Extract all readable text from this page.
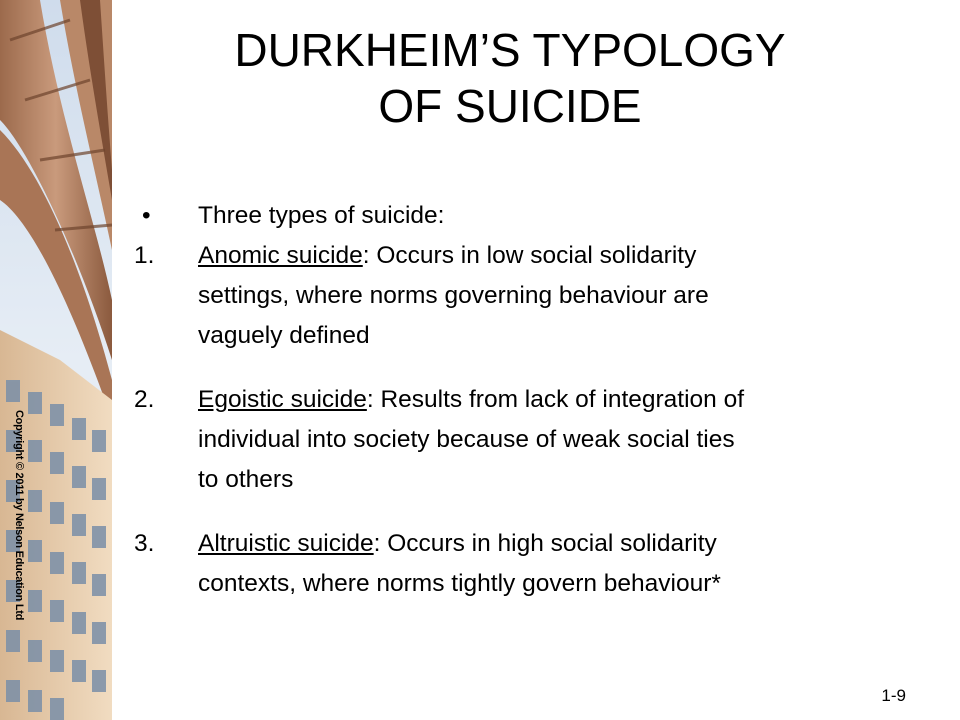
Copyright © 2011 by Nelson Education Ltd
DURKHEIM’S TYPOLOGY
OF SUICIDE
• Three types of suicide:
1. Anomic suicide: Occurs in low social solidarity
settings, where norms governing behaviour are
vaguely defined
2. Egoistic suicide: Results from lack of integration of
individual into society because of weak social ties
to others
3. Altruistic suicide: Occurs in high social solidarity
contexts, where norms tightly govern behaviour*
1-9
